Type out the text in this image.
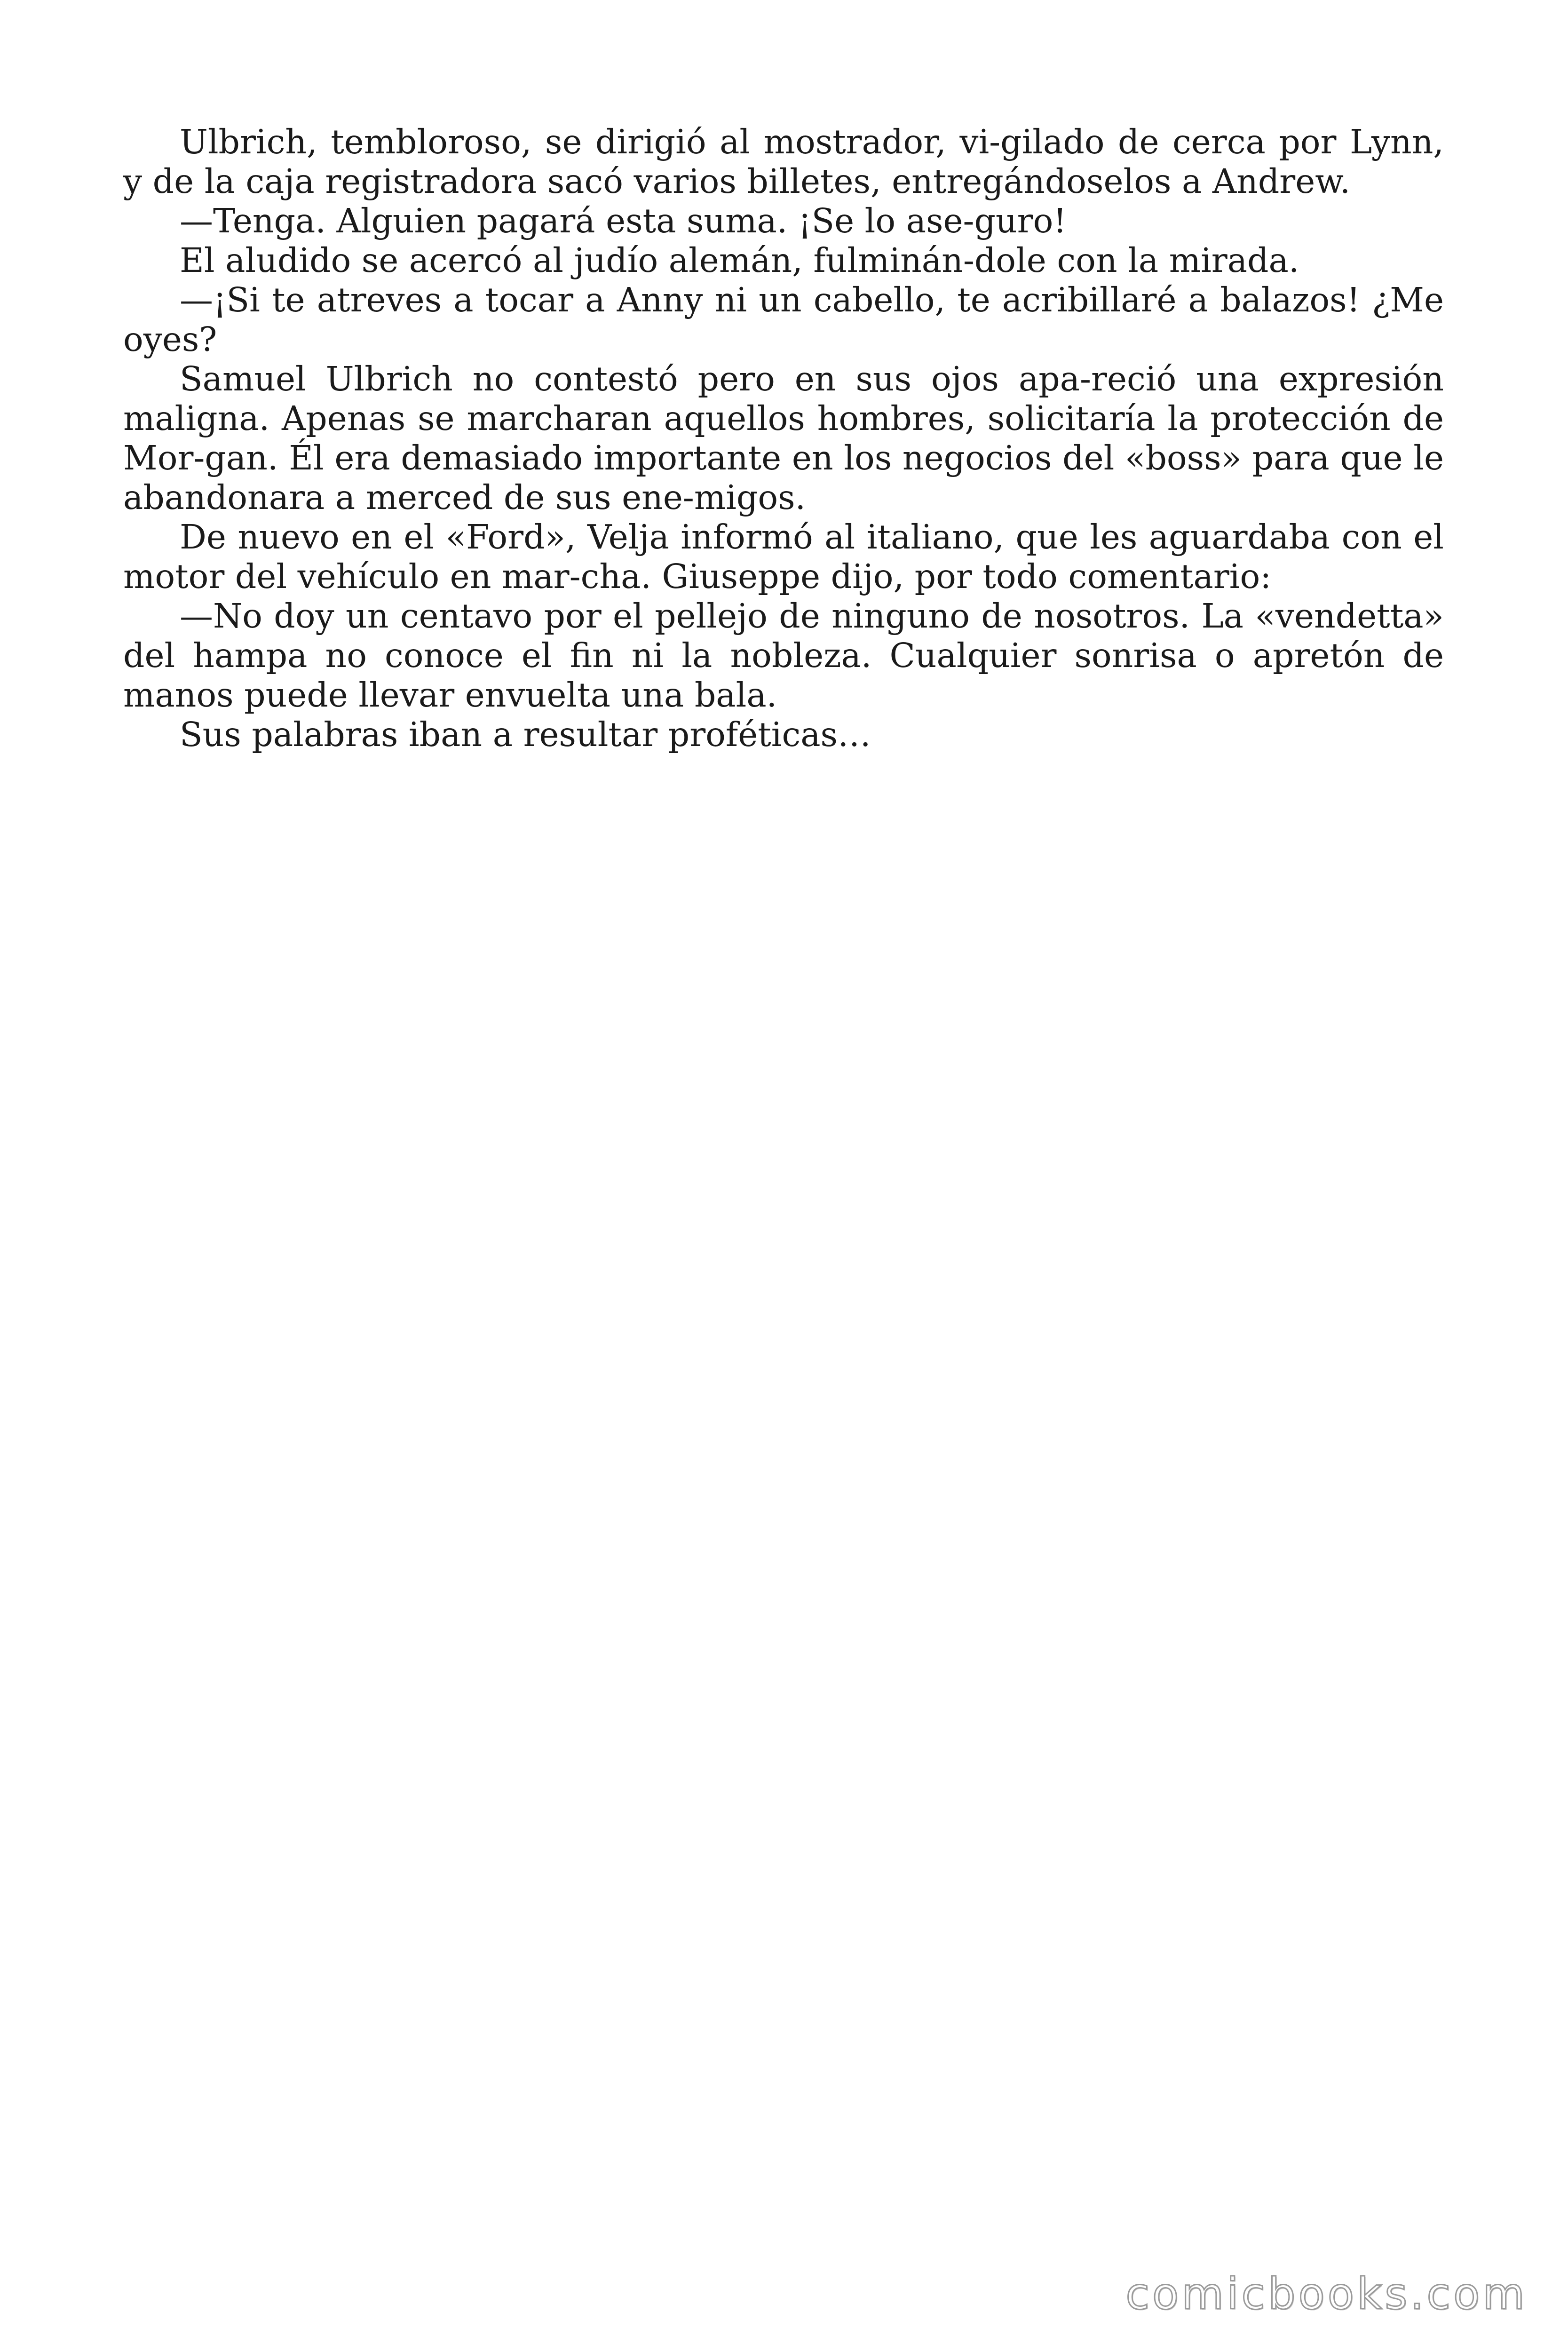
Ulbrich, tembloroso, se dirigió al mostrador, vi-gilado de cerca por Lynn, y de la caja registradora sacó varios billetes, entregándoselos a Andrew.

—Tenga. Alguien pagará esta suma. ¡Se lo ase-guro!

El aludido se acercó al judío alemán, fulminán-dole con la mirada.

—¡Si te atreves a tocar a Anny ni un cabello, te acribillaré a balazos! ¿Me oyes?

Samuel Ulbrich no contestó pero en sus ojos apa-reció una expresión maligna. Apenas se marcharan aquellos hombres, solicitaría la protección de Mor-gan. Él era demasiado importante en los negocios del «boss» para que le abandonara a merced de sus ene-migos.

De nuevo en el «Ford», Velja informó al italiano, que les aguardaba con el motor del vehículo en mar-cha. Giuseppe dijo, por todo comentario:

—No doy un centavo por el pellejo de ninguno de nosotros. La «vendetta» del hampa no conoce el fin ni la nobleza. Cualquier sonrisa o apretón de manos puede llevar envuelta una bala.

Sus palabras iban a resultar proféticas…

comicbooks.com
